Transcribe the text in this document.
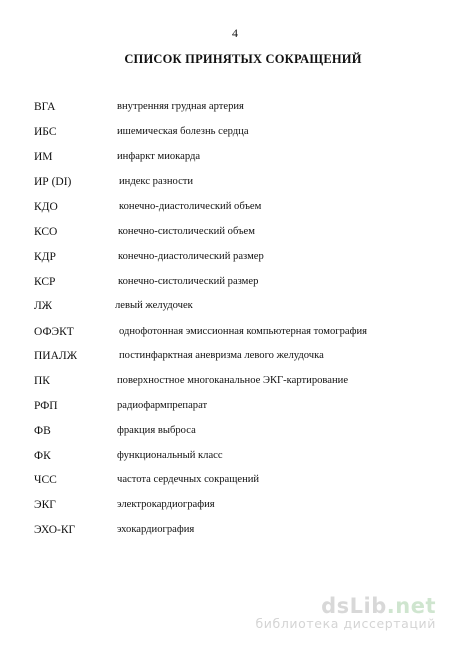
4
СПИСОК ПРИНЯТЫХ СОКРАЩЕНИЙ
ВГА	внутренняя грудная артерия
ИБС	ишемическая болезнь сердца
ИМ	инфаркт миокарда
ИР (DI)	индекс разности
КДО	конечно-диастолический объем
КСО	конечно-систолический объем
КДР	конечно-диастолический размер
КСР	конечно-систолический размер
ЛЖ	левый желудочек
ОФЭКТ	однофотонная эмиссионная компьютерная томография
ПИАЛЖ	постинфарктная аневризма левого желудочка
ПК	поверхностное многоканальное ЭКГ-картирование
РФП	радиофармпрепарат
ФВ	фракция выброса
ФК	функциональный класс
ЧСС	частота сердечных сокращений
ЭКГ	электрокардиография
ЭХО-КГ	эхокардиография
dsLib.net
библиотека диссертаций
